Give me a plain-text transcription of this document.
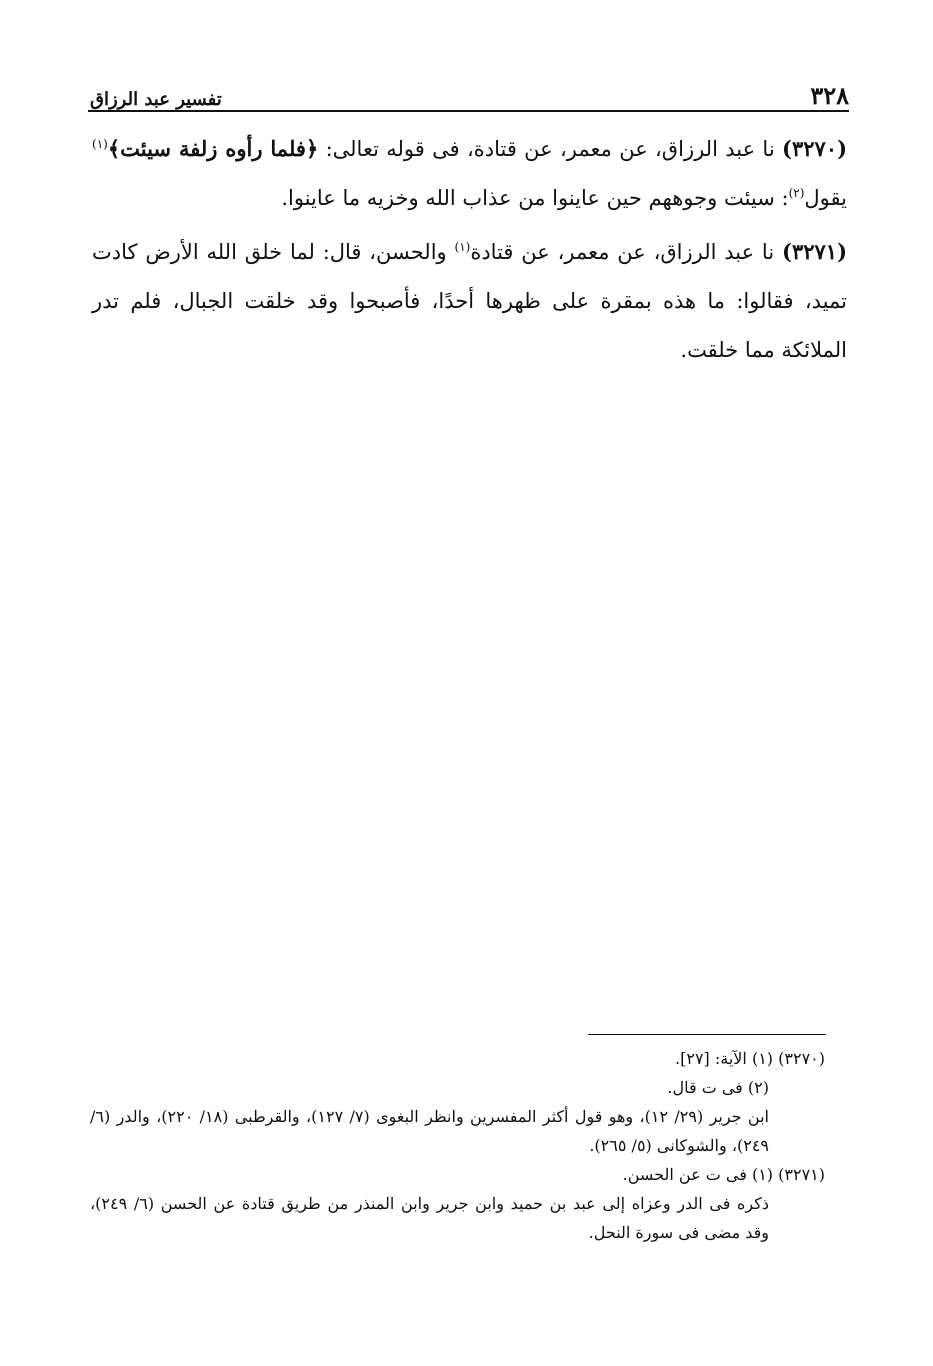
٣٢٨
تفسير عبد الرزاق

(٣٢٧٠) نا عبد الرزاق، عن معمر، عن قتادة، فى قوله تعالى: ﴿فلما رأوه زلفة سيئت﴾$^{(١)}$ يقول$^{(٢)}$: سيئت وجوههم حين عاينوا من عذاب الله وخزيه ما عاينوا.

(٣٢٧١) نا عبد الرزاق، عن معمر، عن قتادة$^{(١)}$ والحسن، قال: لما خلق الله الأرض كادت تميد، فقالوا: ما هذه بمقرة على ظهرها أحدًا، فأصبحوا وقد خلقت الجبال، فلم تدر الملائكة مما خلقت.

(٣٢٧٠) (١) الآية: [٢٧].

(٢) فى ت قال.

ابن جرير (٢٩/ ١٢)، وهو قول أكثر المفسرين وانظر البغوى (٧/ ١٢٧)، والقرطبى (١٨/ ٢٢٠)، والدر (٦/ ٢٤٩)، والشوكانى (٥/ ٢٦٥).

(٣٢٧١) (١) فى ت عن الحسن.

ذكره فى الدر وعزاه إلى عبد بن حميد وابن جرير وابن المنذر من طريق قتادة عن الحسن (٦/ ٢٤٩)، وقد مضى فى سورة النحل.
